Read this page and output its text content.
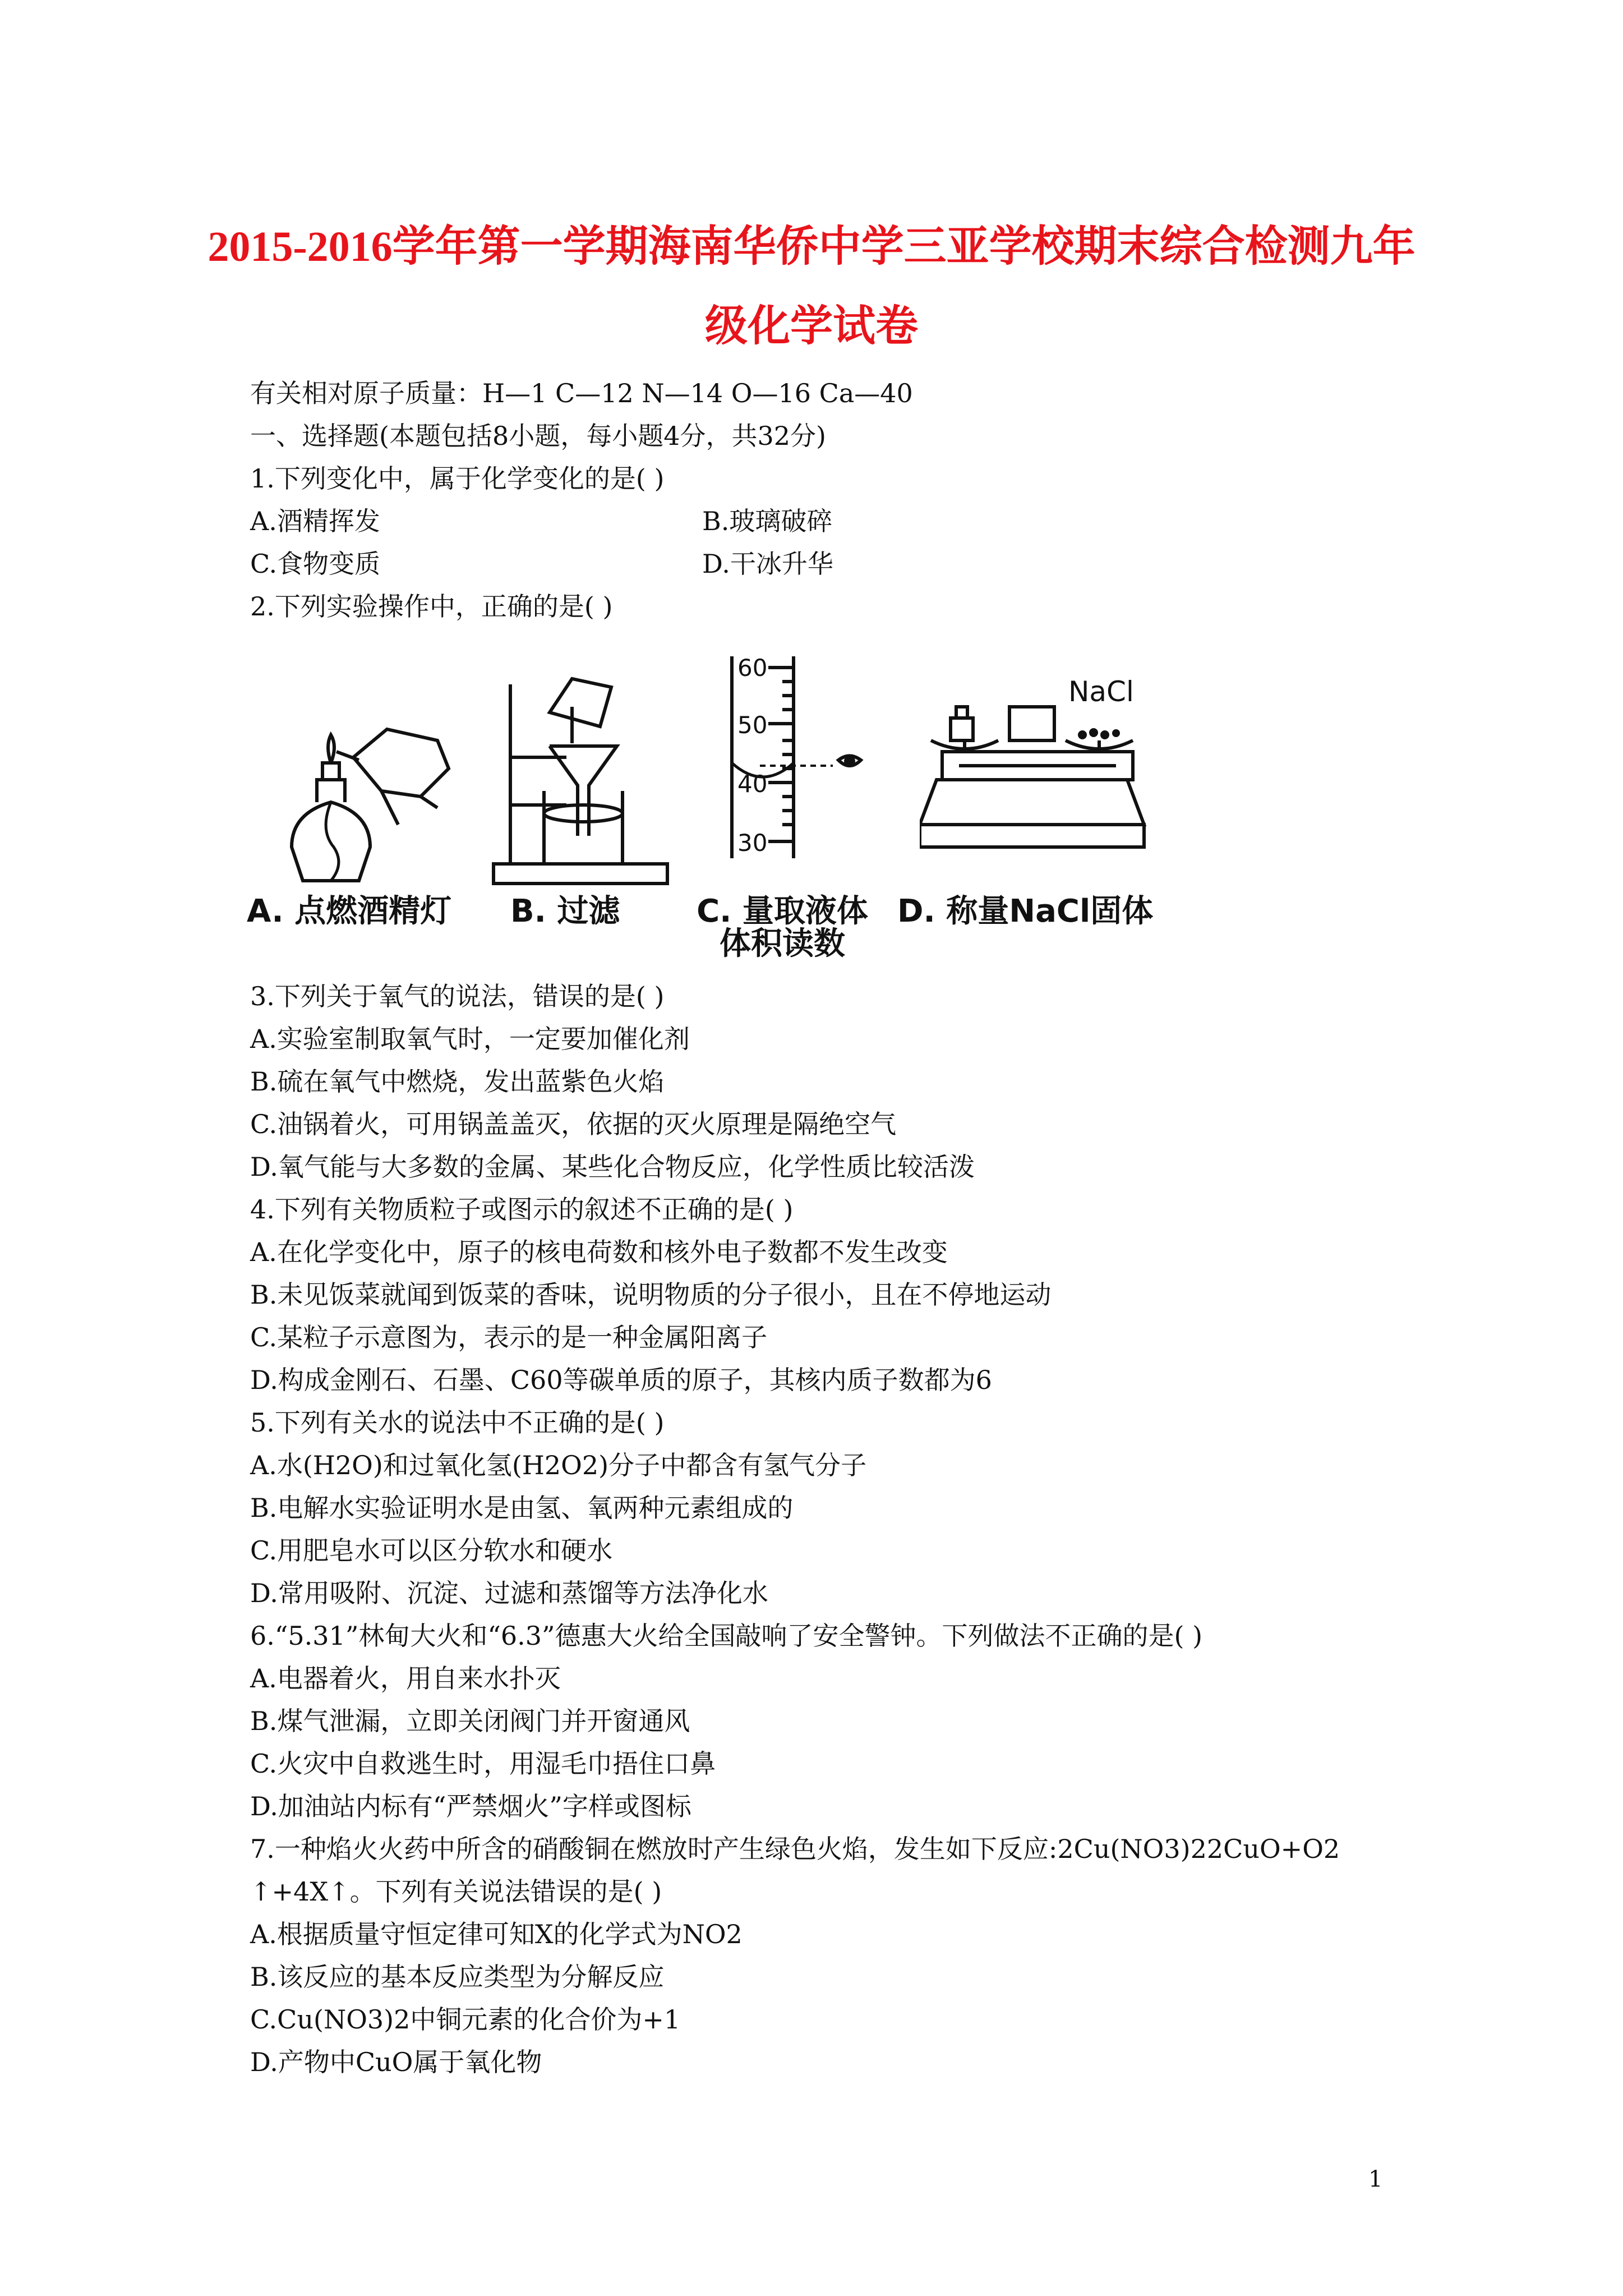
2015-2016学年第一学期海南华侨中学三亚学校期末综合检测九年
级化学试卷
有关相对原子质量：H—1 C—12 N—14 O—16 Ca—40
一、选择题(本题包括8小题，每小题4分，共32分)
1.下列变化中，属于化学变化的是( )
A.酒精挥发	B.玻璃破碎
C.食物变质	D.干冰升华
2.下列实验操作中，正确的是( )
60
50
40
30
NaCl
A. 点燃酒精灯 B. 过滤	C. 量取液体
体积读数
D. 称量NaCl固体
3.下列关于氧气的说法，错误的是( )
A.实验室制取氧气时，一定要加催化剂
B.硫在氧气中燃烧，发出蓝紫色火焰
C.油锅着火，可用锅盖盖灭，依据的灭火原理是隔绝空气
D.氧气能与大多数的金属、某些化合物反应，化学性质比较活泼
4.下列有关物质粒子或图示的叙述不正确的是( )
A.在化学变化中，原子的核电荷数和核外电子数都不发生改变
B.未见饭菜就闻到饭菜的香味，说明物质的分子很小，且在不停地运动
C.某粒子示意图为，表示的是一种金属阳离子
D.构成金刚石、石墨、C60等碳单质的原子，其核内质子数都为6
5.下列有关水的说法中不正确的是( )
A.水(H2O)和过氧化氢(H2O2)分子中都含有氢气分子
B.电解水实验证明水是由氢、氧两种元素组成的
C.用肥皂水可以区分软水和硬水
D.常用吸附、沉淀、过滤和蒸馏等方法净化水
6.“5.31”林甸大火和“6.3”德惠大火给全国敲响了安全警钟。下列做法不正确的是( )
A.电器着火，用自来水扑灭
B.煤气泄漏，立即关闭阀门并开窗通风
C.火灾中自救逃生时，用湿毛巾捂住口鼻
D.加油站内标有“严禁烟火”字样或图标
7.一种焰火火药中所含的硝酸铜在燃放时产生绿色火焰，发生如下反应:2Cu(NO3)22CuO+O2
↑+4X↑。下列有关说法错误的是( )
A.根据质量守恒定律可知X的化学式为NO2
B.该反应的基本反应类型为分解反应
C.Cu(NO3)2中铜元素的化合价为+1
D.产物中CuO属于氧化物
1
